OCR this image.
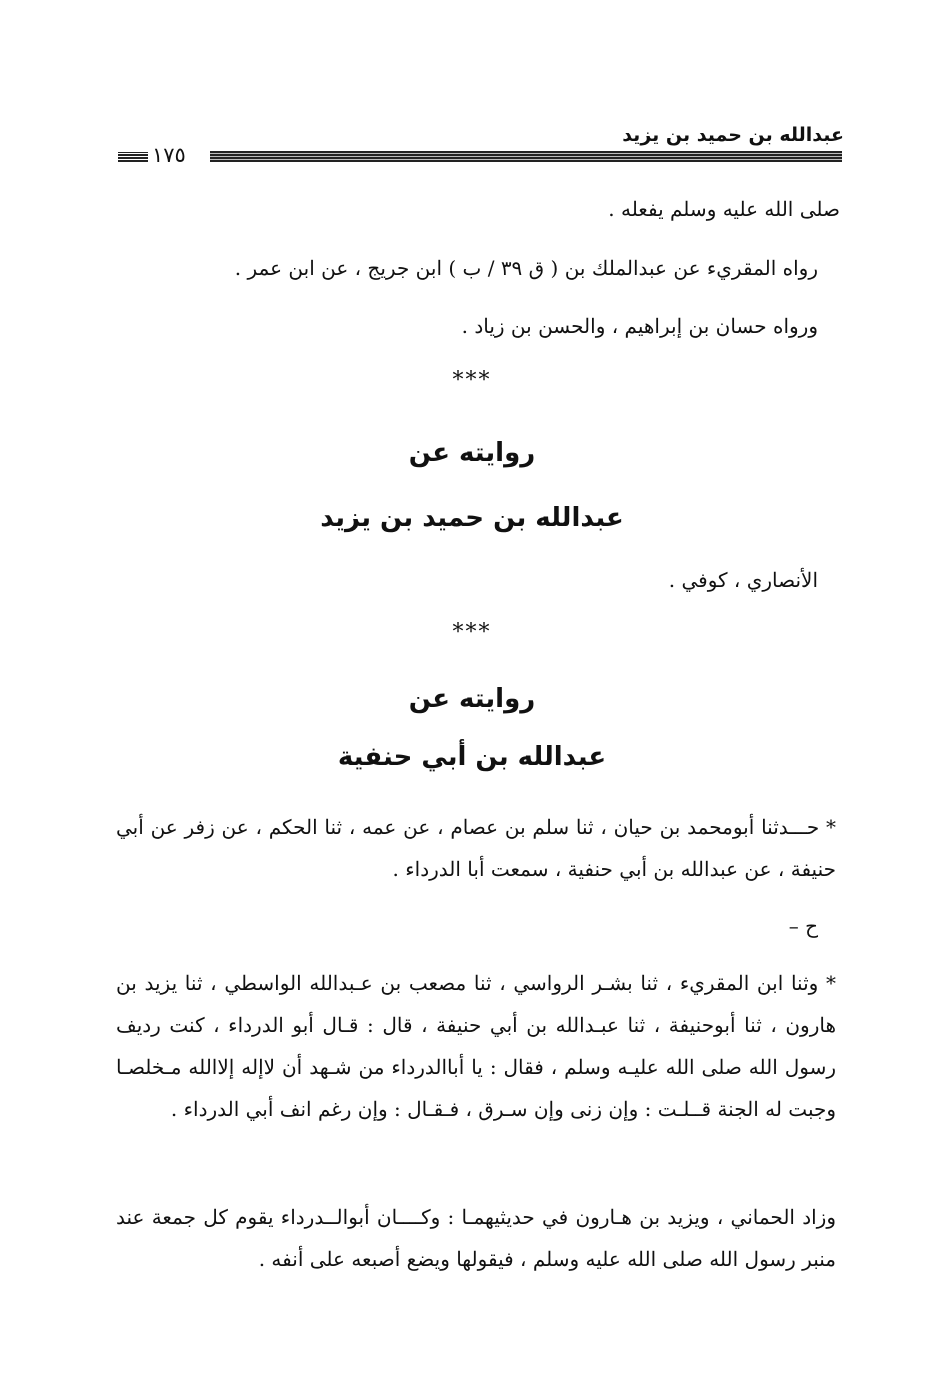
عبدالله بن حميد بن يزيد
١٧٥
صلى الله عليه وسلم يفعله .
رواه المقريء عن عبدالملك بن ( ق ٣٩ / ب ) ابن جريج ، عن ابن عمر .
ورواه حسان بن إبراهيم ، والحسن بن زياد .
***
روايته عن
عبدالله بن حميد بن يزيد
الأنصاري ، كوفي .
***
روايته عن
عبدالله بن أبي حنفية
* حـــدثنا أبومحمد بن حيان ، ثنا سلم بن عصام ، عن عمه ، ثنا الحكم ، عن زفر عن أبي حنيفة ، عن عبدالله بن أبي حنفية ، سمعت أبا الدرداء .
ح –
* وثنا ابن المقريء ، ثنا بشـر الرواسي ، ثنا مصعب بن عـبدالله الواسطي ، ثنا يزيد بن هارون ، ثنا أبوحنيفة ، ثنا عبـدالله بن أبي حنيفة ، قال : قـال أبو الدرداء ، كنت ردیف رسول الله صلى الله عليـه وسلم ، فقال : يا أباالدرداء من شـهد أن لاإله إلاالله مـخلصـا وجبت له الجنة قــلـت : وإن زنى وإن سـرق ، فـقـال : وإن رغم انف أبي الدرداء .
وزاد الحماني ، ويزيد بن هـارون في حديثيهمـا : وكــــان أبوالــدرداء يقوم كل جمعة عند منبر رسول الله صلى الله عليه وسلم ، فيقولها ويضع أصبعه على أنفه .
